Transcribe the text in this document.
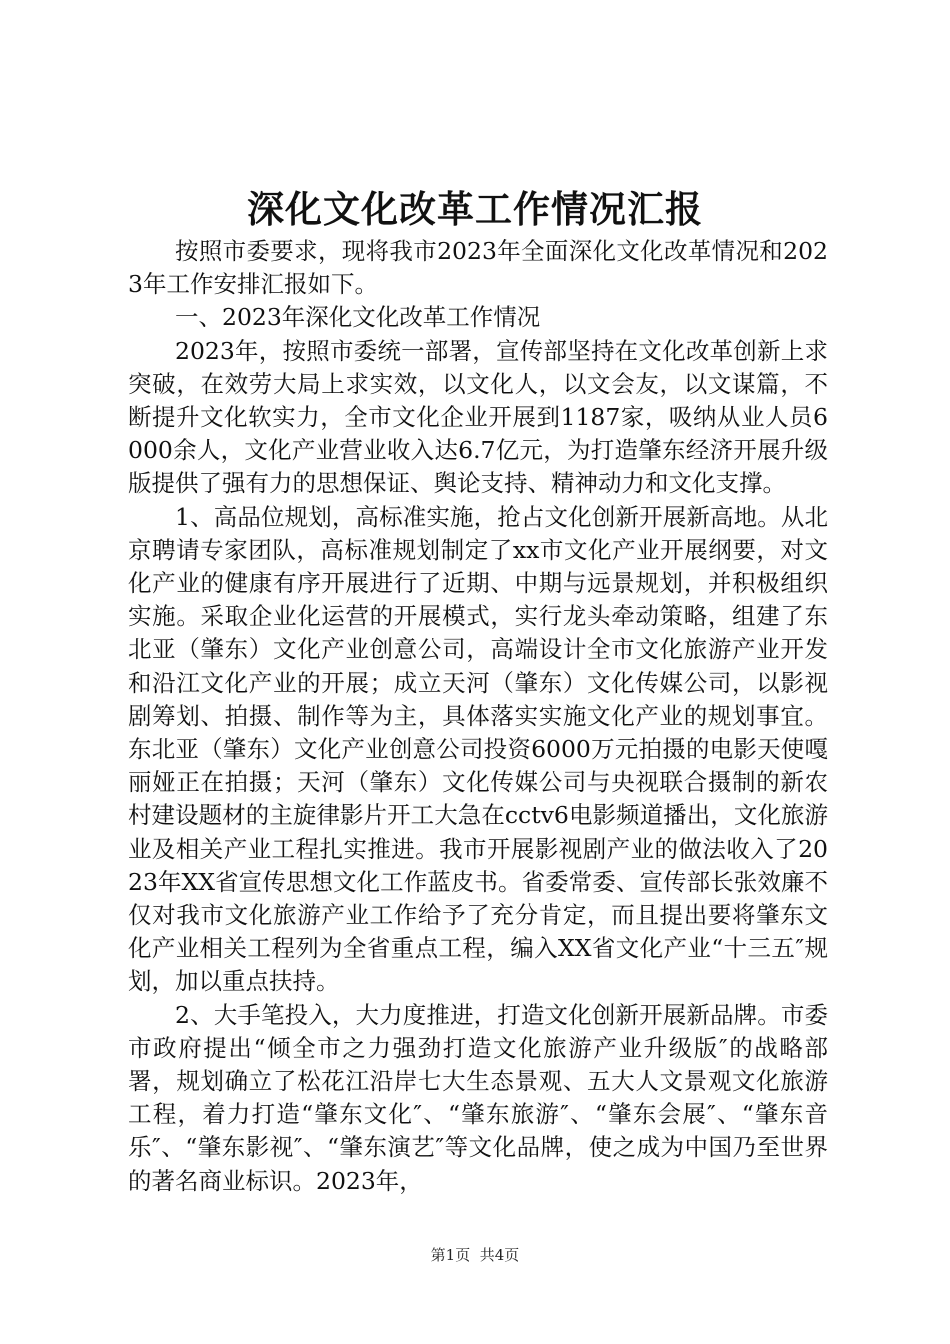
深化文化改革工作情况汇报

按照市委要求，现将我市2023年全面深化文化改革情况和2023年工作安排汇报如下。

一、2023年深化文化改革工作情况

2023年，按照市委统一部署，宣传部坚持在文化改革创新上求突破，在效劳大局上求实效，以文化人，以文会友，以文谋篇，不断提升文化软实力，全市文化企业开展到1187家，吸纳从业人员6000余人，文化产业营业收入达6.7亿元，为打造肇东经济开展升级版提供了强有力的思想保证、舆论支持、精神动力和文化支撑。

1、高品位规划，高标准实施，抢占文化创新开展新高地。从北京聘请专家团队，高标准规划制定了xx市文化产业开展纲要，对文化产业的健康有序开展进行了近期、中期与远景规划，并积极组织实施。采取企业化运营的开展模式，实行龙头牵动策略，组建了东北亚（肇东）文化产业创意公司，高端设计全市文化旅游产业开发和沿江文化产业的开展；成立天河（肇东）文化传媒公司，以影视剧筹划、拍摄、制作等为主，具体落实实施文化产业的规划事宜。东北亚（肇东）文化产业创意公司投资6000万元拍摄的电影天使嘎丽娅正在拍摄；天河（肇东）文化传媒公司与央视联合摄制的新农村建设题材的主旋律影片开工大急在cctv6电影频道播出，文化旅游业及相关产业工程扎实推进。我市开展影视剧产业的做法收入了2023年XX省宣传思想文化工作蓝皮书。省委常委、宣传部长张效廉不仅对我市文化旅游产业工作给予了充分肯定，而且提出要将肇东文化产业相关工程列为全省重点工程，编入XX省文化产业“十三五″规划，加以重点扶持。

2、大手笔投入，大力度推进，打造文化创新开展新品牌。市委市政府提出“倾全市之力强劲打造文化旅游产业升级版″的战略部署，规划确立了松花江沿岸七大生态景观、五大人文景观文化旅游工程，着力打造“肇东文化″、“肇东旅游″、“肇东会展″、“肇东音乐″、“肇东影视″、“肇东演艺″等文化品牌，使之成为中国乃至世界的著名商业标识。2023年，

第1页 共4页
